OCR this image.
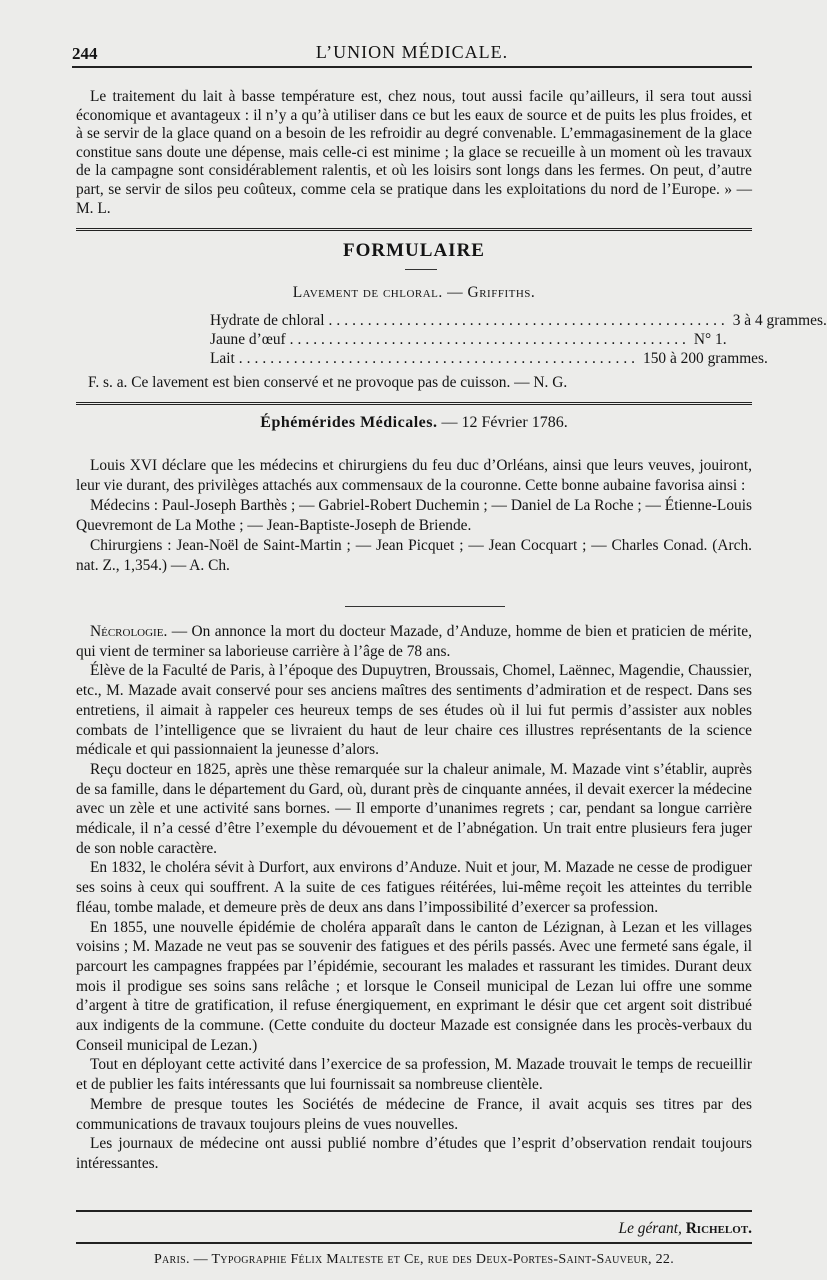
244	L’UNION MÉDICALE.

Le traitement du lait à basse température est, chez nous, tout aussi facile qu’ailleurs, il sera tout aussi économique et avantageux : il n’y a qu’à utiliser dans ce but les eaux de source et de puits les plus froides, et à se servir de la glace quand on a besoin de les refroidir au degré convenable. L’emmagasinement de la glace constitue sans doute une dépense, mais celle-ci est minime ; la glace se recueille à un moment où les travaux de la campagne sont considérablement ralentis, et où les loisirs sont longs dans les fermes. On peut, d’autre part, se servir de silos peu coûteux, comme cela se pratique dans les exploitations du nord de l’Europe. » — M. L.

FORMULAIRE
Lavement de chloral. — Griffiths.
Hydrate de chloral ................................................... 3 à 4 grammes.
Jaune d’œuf ................................................... N° 1.
Lait ................................................... 150 à 200 grammes.

F. s. a. Ce lavement est bien conservé et ne provoque pas de cuisson. — N. G.

Éphémérides Médicales. — 12 Février 1786.

Louis XVI déclare que les médecins et chirurgiens du feu duc d’Orléans, ainsi que leurs veuves, jouiront, leur vie durant, des privilèges attachés aux commensaux de la couronne. Cette bonne aubaine favorisa ainsi :

Médecins : Paul-Joseph Barthès ; — Gabriel-Robert Duchemin ; — Daniel de La Roche ; — Étienne-Louis Quevremont de La Mothe ; — Jean-Baptiste-Joseph de Briende.

Chirurgiens : Jean-Noël de Saint-Martin ; — Jean Picquet ; — Jean Cocquart ; — Charles Conad. (Arch. nat. Z., 1,354.) — A. Ch.

Nécrologie. — On annonce la mort du docteur Mazade, d’Anduze, homme de bien et praticien de mérite, qui vient de terminer sa laborieuse carrière à l’âge de 78 ans.

Élève de la Faculté de Paris, à l’époque des Dupuytren, Broussais, Chomel, Laënnec, Magendie, Chaussier, etc., M. Mazade avait conservé pour ses anciens maîtres des sentiments d’admiration et de respect. Dans ses entretiens, il aimait à rappeler ces heureux temps de ses études où il lui fut permis d’assister aux nobles combats de l’intelligence que se livraient du haut de leur chaire ces illustres représentants de la science médicale et qui passionnaient la jeunesse d’alors.

Reçu docteur en 1825, après une thèse remarquée sur la chaleur animale, M. Mazade vint s’établir, auprès de sa famille, dans le département du Gard, où, durant près de cinquante années, il devait exercer la médecine avec un zèle et une activité sans bornes. — Il emporte d’unanimes regrets ; car, pendant sa longue carrière médicale, il n’a cessé d’être l’exemple du dévouement et de l’abnégation. Un trait entre plusieurs fera juger de son noble caractère.

En 1832, le choléra sévit à Durfort, aux environs d’Anduze. Nuit et jour, M. Mazade ne cesse de prodiguer ses soins à ceux qui souffrent. A la suite de ces fatigues réitérées, lui-même reçoit les atteintes du terrible fléau, tombe malade, et demeure près de deux ans dans l’impossibilité d’exercer sa profession.

En 1855, une nouvelle épidémie de choléra apparaît dans le canton de Lézignan, à Lezan et les villages voisins ; M. Mazade ne veut pas se souvenir des fatigues et des périls passés. Avec une fermeté sans égale, il parcourt les campagnes frappées par l’épidémie, secourant les malades et rassurant les timides. Durant deux mois il prodigue ses soins sans relâche ; et lorsque le Conseil municipal de Lezan lui offre une somme d’argent à titre de gratification, il refuse énergiquement, en exprimant le désir que cet argent soit distribué aux indigents de la commune. (Cette conduite du docteur Mazade est consignée dans les procès-verbaux du Conseil municipal de Lezan.)

Tout en déployant cette activité dans l’exercice de sa profession, M. Mazade trouvait le temps de recueillir et de publier les faits intéressants que lui fournissait sa nombreuse clientèle.

Membre de presque toutes les Sociétés de médecine de France, il avait acquis ses titres par des communications de travaux toujours pleins de vues nouvelles.

Les journaux de médecine ont aussi publié nombre d’études que l’esprit d’observation rendait toujours intéressantes.

Le gérant, Richelot.
Paris. — Typographie Félix Malteste et Ce, rue des Deux-Portes-Saint-Sauveur, 22.
